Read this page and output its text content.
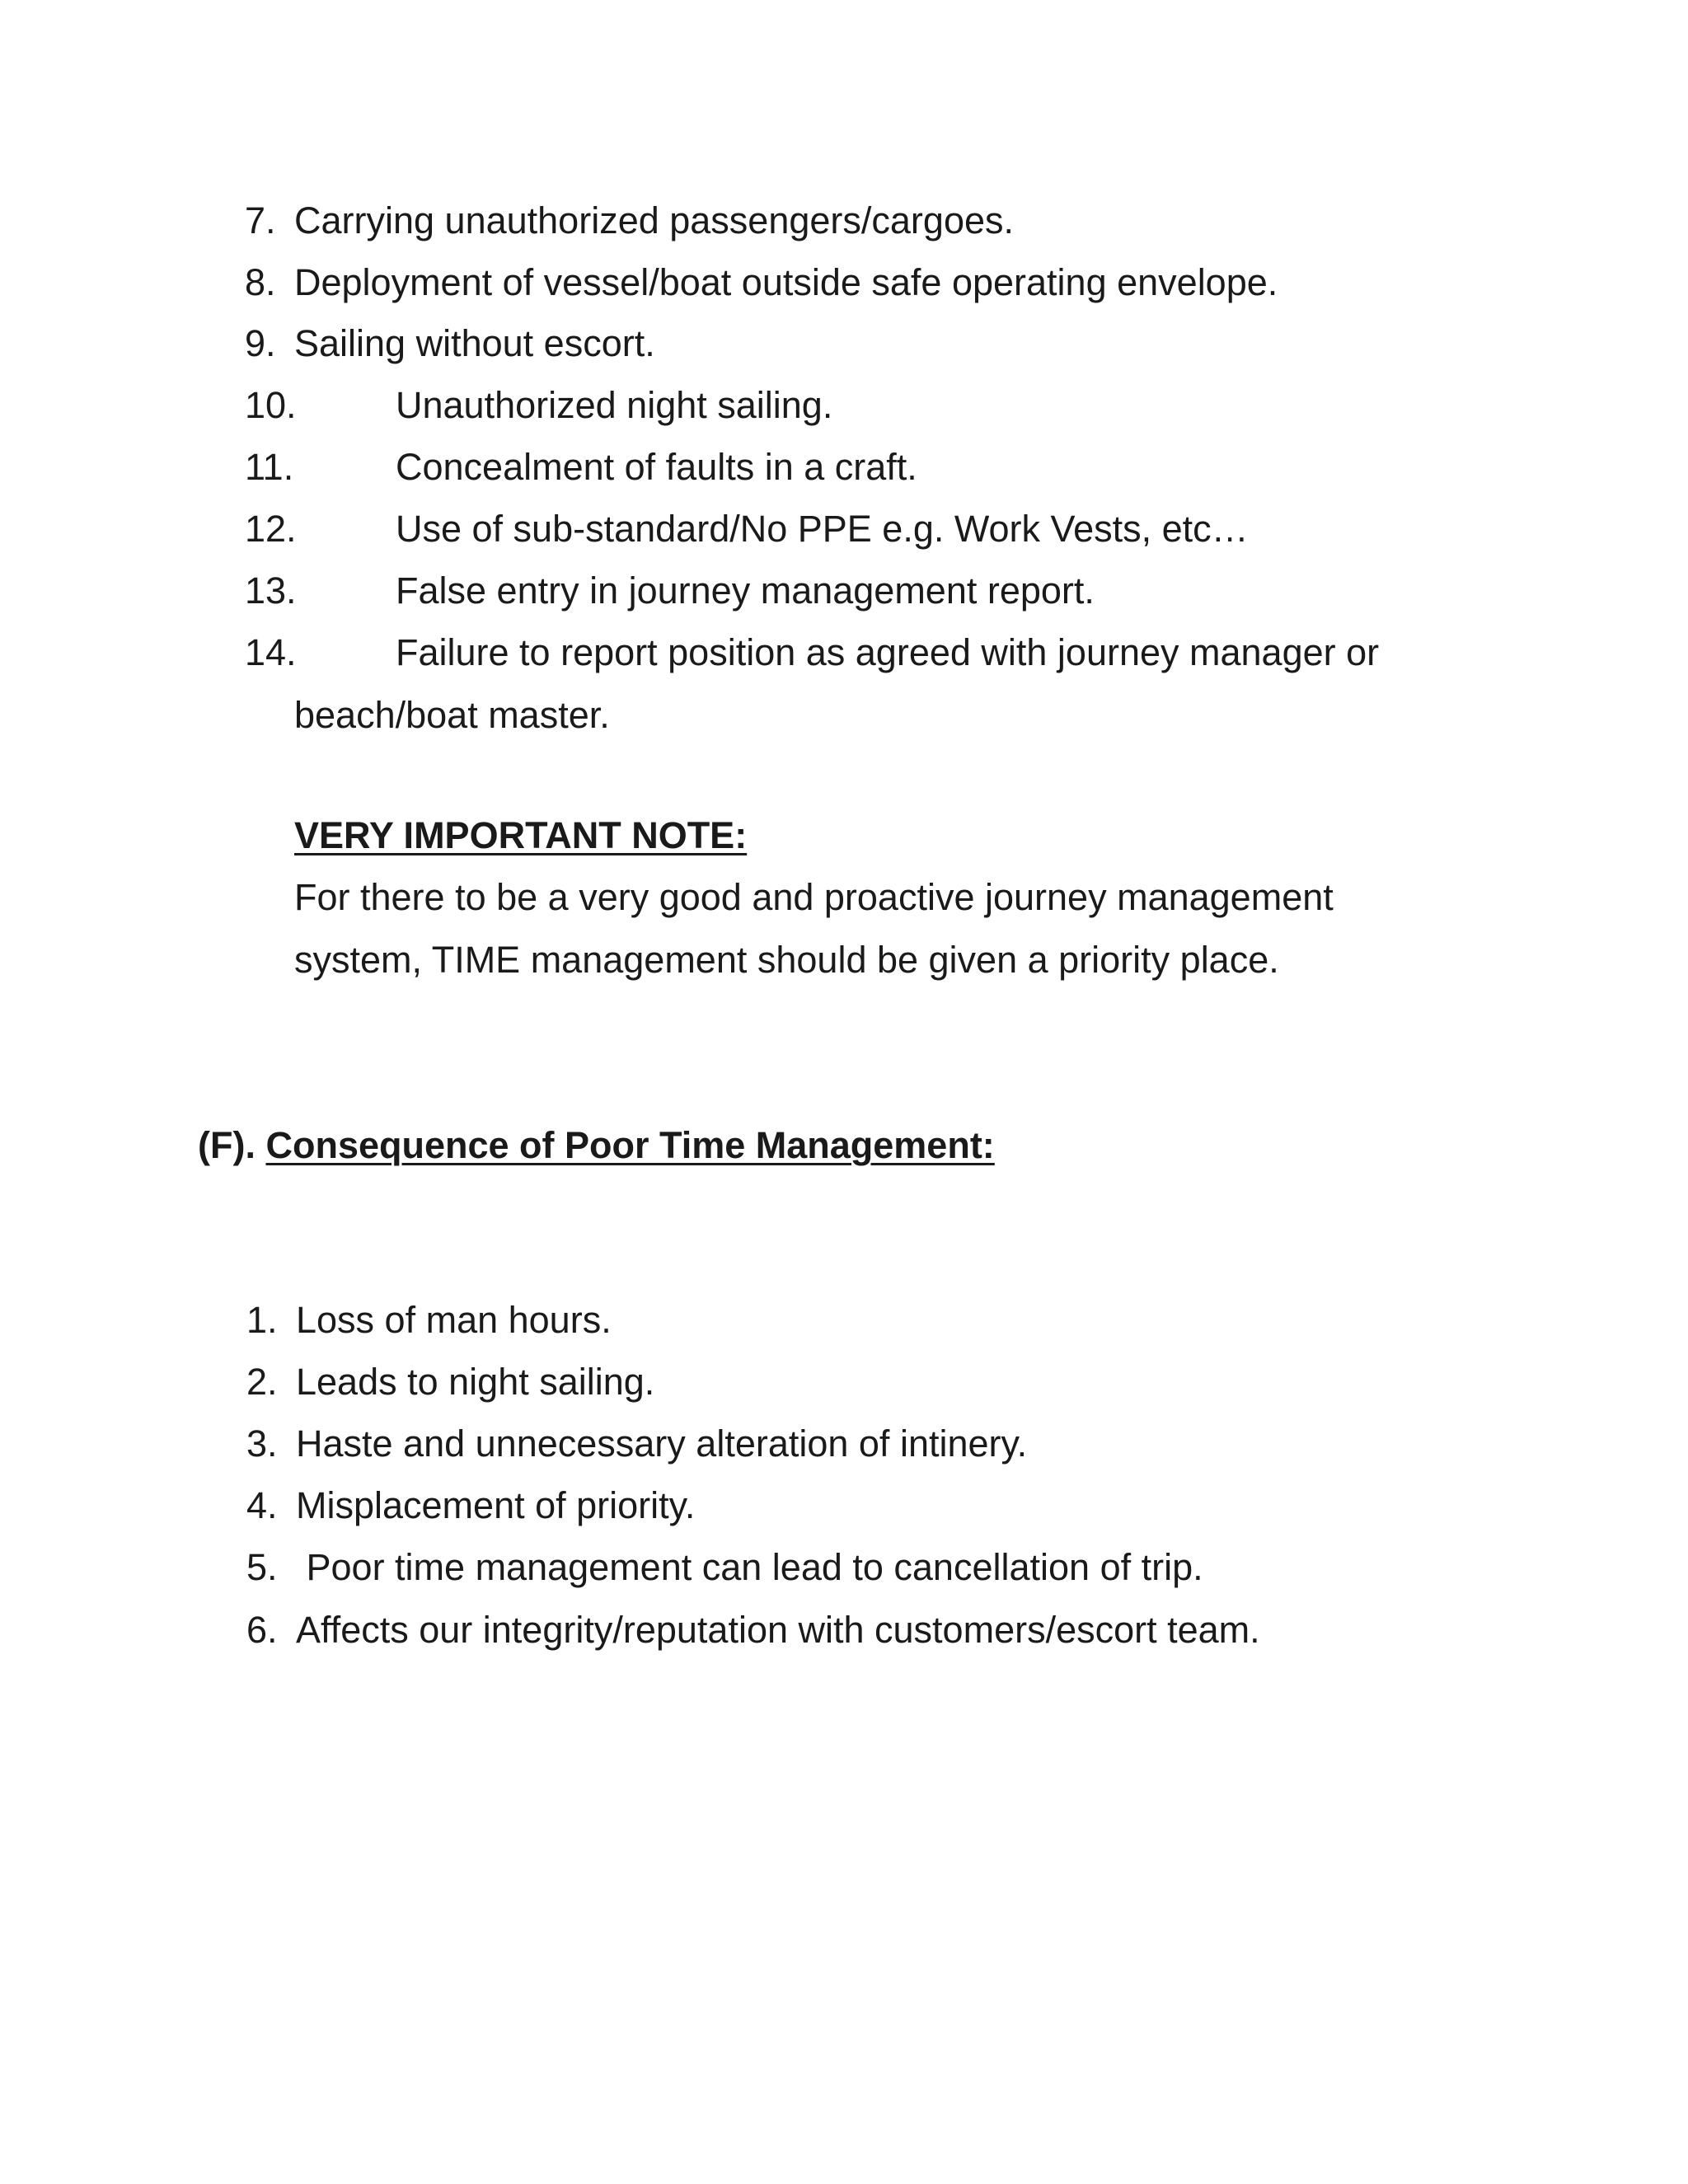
7. Carrying unauthorized passengers/cargoes.
8. Deployment of vessel/boat outside safe operating envelope.
9. Sailing without escort.
10.	Unauthorized night sailing.
11.	Concealment of faults in a craft.
12.	Use of sub-standard/No PPE e.g. Work Vests, etc…
13.	False entry in journey management report.
14.	Failure to report position as agreed with journey manager or
beach/boat master.
VERY IMPORTANT NOTE:
For there to be a very good and proactive journey management
system, TIME management should be given a priority place.
(F). Consequence of Poor Time Management:
1. Loss of man hours.
2. Leads to night sailing.
3. Haste and unnecessary alteration of intinery.
4. Misplacement of priority.
5. Poor time management can lead to cancellation of trip.
6. Affects our integrity/reputation with customers/escort team.
